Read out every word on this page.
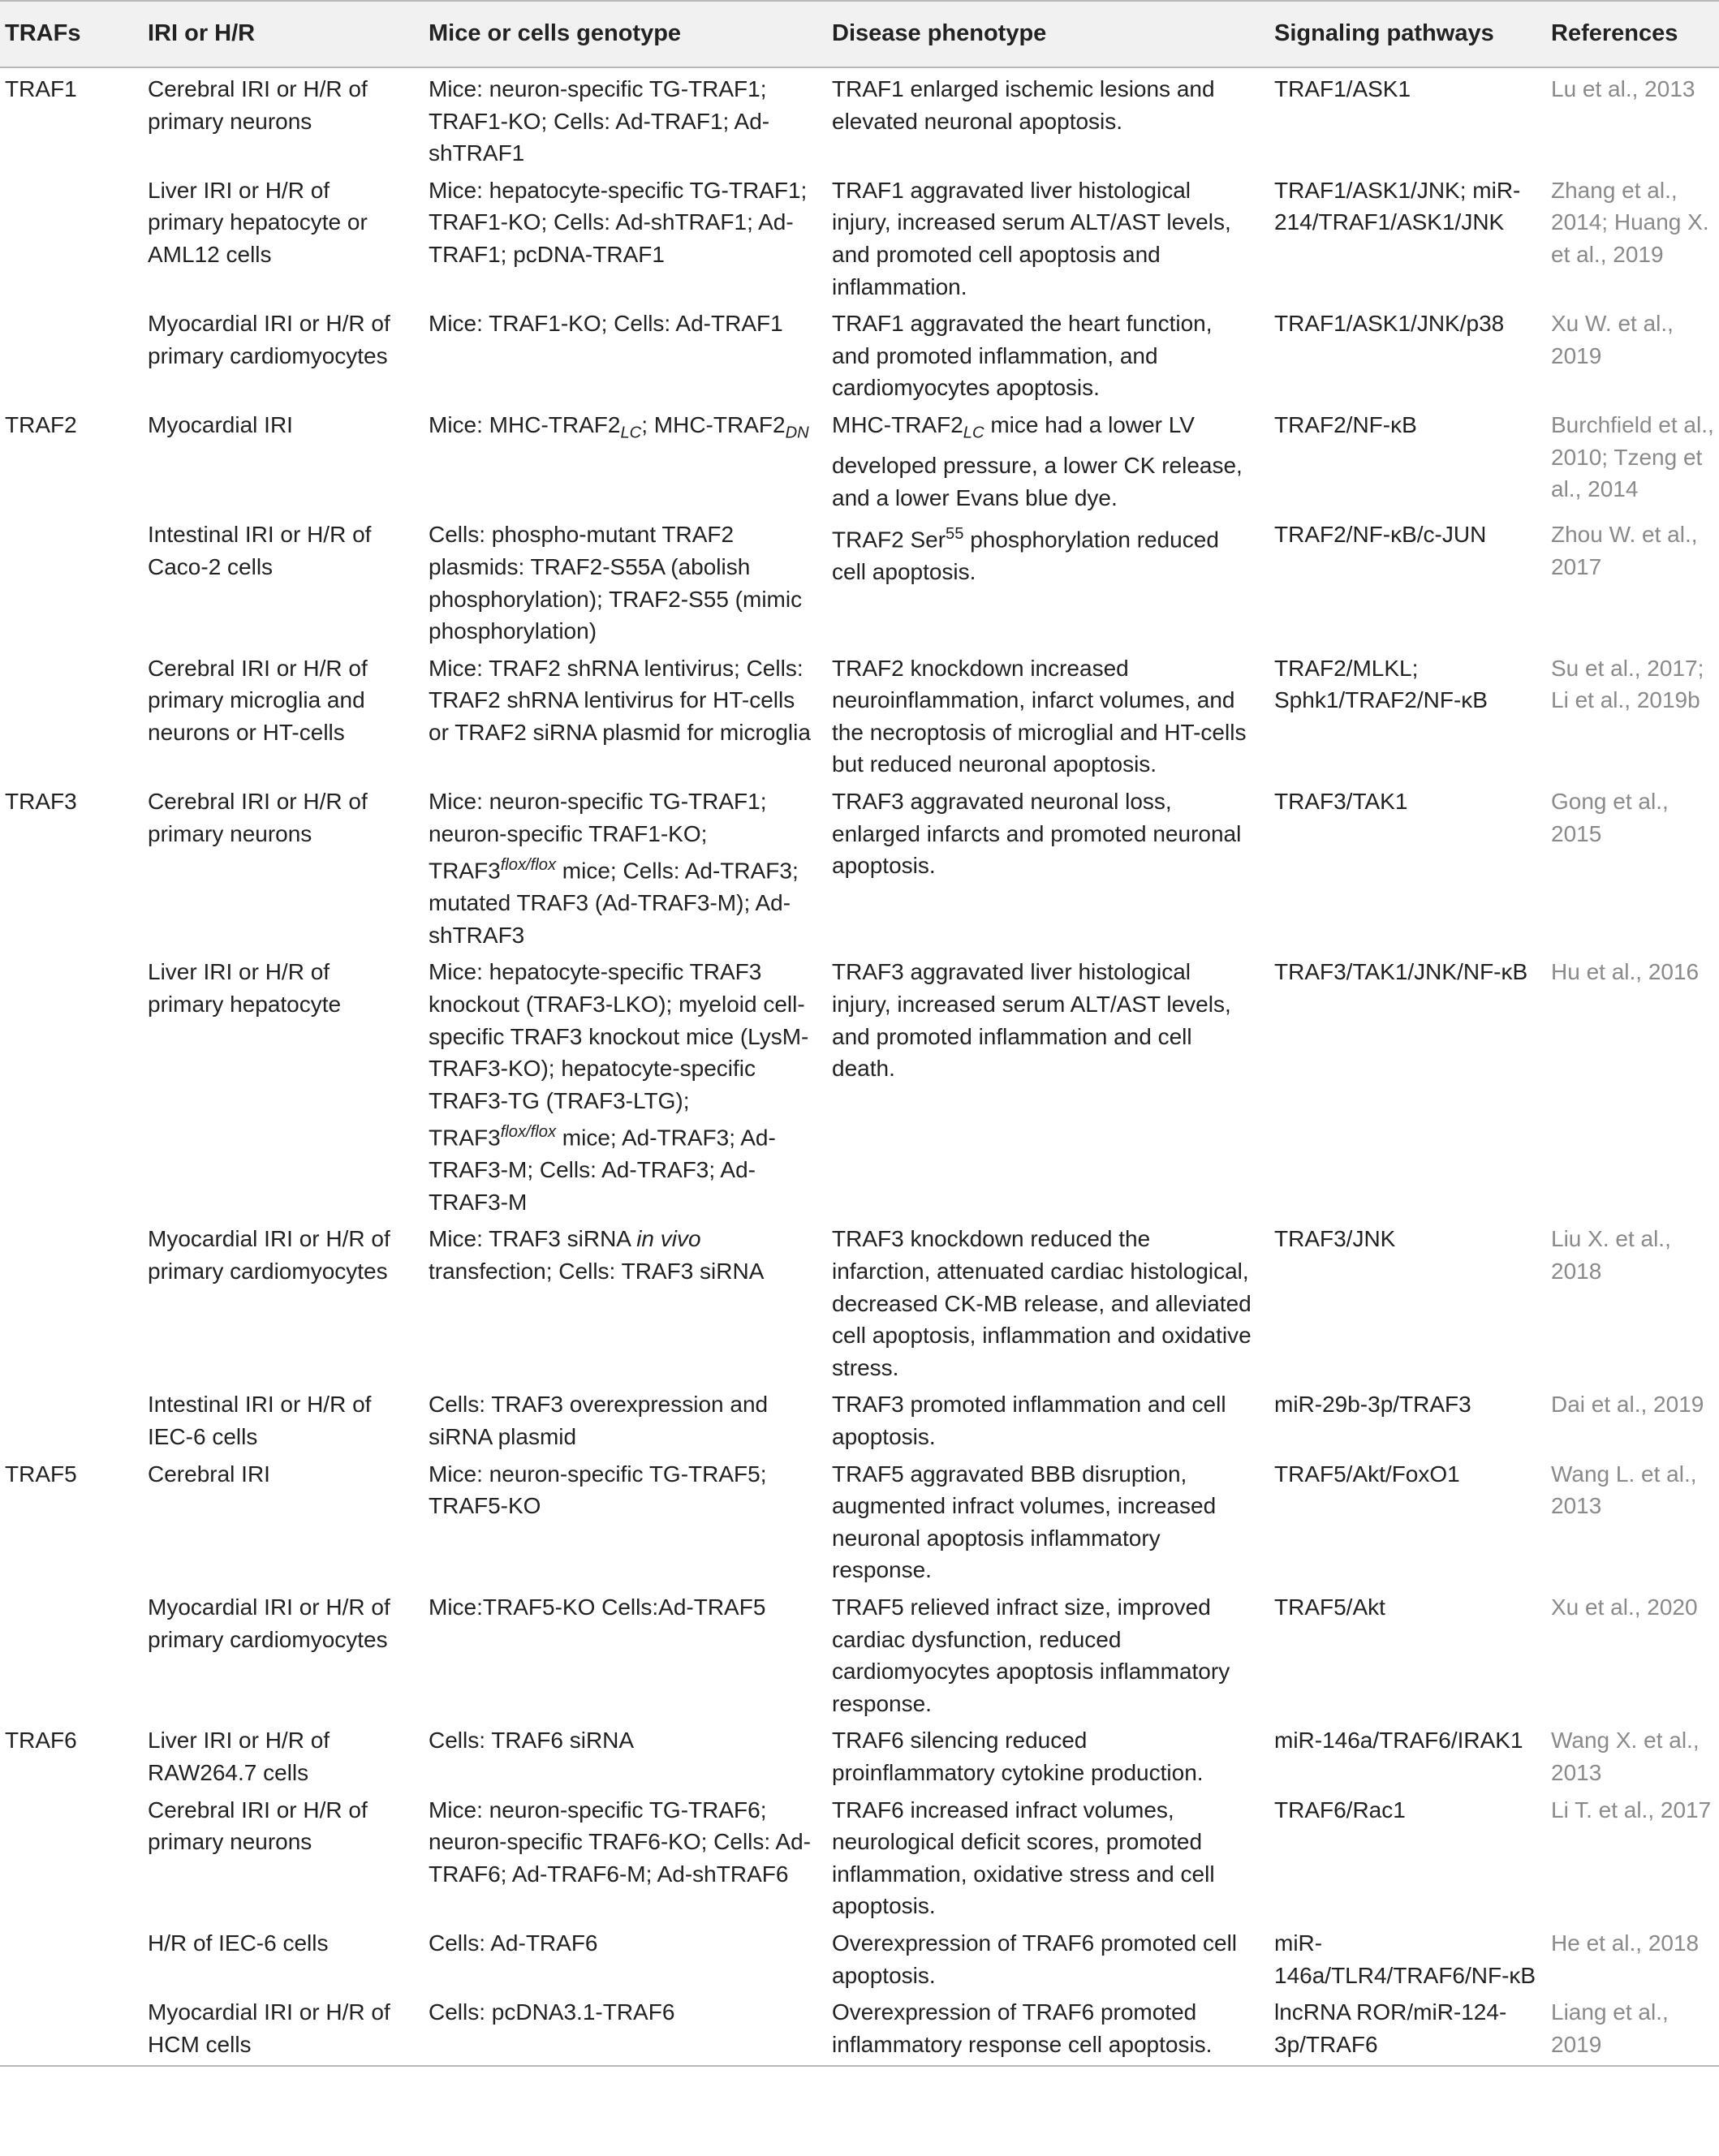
TRAFs	IRI or H/R	Mice or cells genotype	Disease phenotype	Signaling pathways	References
TRAF1	Cerebral IRI or H/R of primary neurons	Mice: neuron-specific TG-TRAF1; TRAF1-KO; Cells: Ad-TRAF1; Ad-shTRAF1	TRAF1 enlarged ischemic lesions and elevated neuronal apoptosis.	TRAF1/ASK1	Lu et al., 2013
	Liver IRI or H/R of primary hepatocyte or AML12 cells	Mice: hepatocyte-specific TG-TRAF1; TRAF1-KO; Cells: Ad-shTRAF1; Ad-TRAF1; pcDNA-TRAF1	TRAF1 aggravated liver histological injury, increased serum ALT/AST levels, and promoted cell apoptosis and inflammation.	TRAF1/ASK1/JNK; miR-214/TRAF1/ASK1/JNK	Zhang et al., 2014; Huang X. et al., 2019
	Myocardial IRI or H/R of primary cardiomyocytes	Mice: TRAF1-KO; Cells: Ad-TRAF1	TRAF1 aggravated the heart function, and promoted inflammation, and cardiomyocytes apoptosis.	TRAF1/ASK1/JNK/p38	Xu W. et al., 2019
TRAF2	Myocardial IRI	Mice: MHC-$TRAF2_{LC}$; MHC-$TRAF2_{DN}$	MHC-$TRAF2_{LC}$ mice had a lower LV developed pressure, a lower CK release, and a lower Evans blue dye.	TRAF2/NF-κB	Burchfield et al., 2010; Tzeng et al., 2014
	Intestinal IRI or H/R of Caco-2 cells	Cells: phospho-mutant TRAF2 plasmids: TRAF2-S55A (abolish phosphorylation); TRAF2-S55 (mimic phosphorylation)	TRAF2 Ser$^{55}$ phosphorylation reduced cell apoptosis.	TRAF2/NF-κB/c-JUN	Zhou W. et al., 2017
	Cerebral IRI or H/R of primary microglia and neurons or HT-cells	Mice: TRAF2 shRNA lentivirus; Cells: TRAF2 shRNA lentivirus for HT-cells or TRAF2 siRNA plasmid for microglia	TRAF2 knockdown increased neuroinflammation, infarct volumes, and the necroptosis of microglial and HT-cells but reduced neuronal apoptosis.	TRAF2/MLKL; Sphk1/TRAF2/NF-κB	Su et al., 2017; Li et al., 2019b
TRAF3	Cerebral IRI or H/R of primary neurons	Mice: neuron-specific TG-TRAF1; neuron-specific TRAF1-KO; $TRAF3^{flox/flox}$ mice; Cells: Ad-TRAF3; mutated TRAF3 (Ad-TRAF3-M); Ad-shTRAF3	TRAF3 aggravated neuronal loss, enlarged infarcts and promoted neuronal apoptosis.	TRAF3/TAK1	Gong et al., 2015
	Liver IRI or H/R of primary hepatocyte	Mice: hepatocyte-specific TRAF3 knockout (TRAF3-LKO); myeloid cell-specific TRAF3 knockout mice (LysM-TRAF3-KO); hepatocyte-specific TRAF3-TG (TRAF3-LTG); $TRAF3^{flox/flox}$ mice; Ad-TRAF3; Ad-TRAF3-M; Cells: Ad-TRAF3; Ad-TRAF3-M	TRAF3 aggravated liver histological injury, increased serum ALT/AST levels, and promoted inflammation and cell death.	TRAF3/TAK1/JNK/NF-κB	Hu et al., 2016
	Myocardial IRI or H/R of primary cardiomyocytes	Mice: TRAF3 siRNA in vivo transfection; Cells: TRAF3 siRNA	TRAF3 knockdown reduced the infarction, attenuated cardiac histological, decreased CK-MB release, and alleviated cell apoptosis, inflammation and oxidative stress.	TRAF3/JNK	Liu X. et al., 2018
	Intestinal IRI or H/R of IEC-6 cells	Cells: TRAF3 overexpression and siRNA plasmid	TRAF3 promoted inflammation and cell apoptosis.	miR-29b-3p/TRAF3	Dai et al., 2019
TRAF5	Cerebral IRI	Mice: neuron-specific TG-TRAF5; TRAF5-KO	TRAF5 aggravated BBB disruption, augmented infract volumes, increased neuronal apoptosis inflammatory response.	TRAF5/Akt/FoxO1	Wang L. et al., 2013
	Myocardial IRI or H/R of primary cardiomyocytes	Mice:TRAF5-KO Cells:Ad-TRAF5	TRAF5 relieved infract size, improved cardiac dysfunction, reduced cardiomyocytes apoptosis inflammatory response.	TRAF5/Akt	Xu et al., 2020
TRAF6	Liver IRI or H/R of RAW264.7 cells	Cells: TRAF6 siRNA	TRAF6 silencing reduced proinflammatory cytokine production.	miR-146a/TRAF6/IRAK1	Wang X. et al., 2013
	Cerebral IRI or H/R of primary neurons	Mice: neuron-specific TG-TRAF6; neuron-specific TRAF6-KO; Cells: Ad-TRAF6; Ad-TRAF6-M; Ad-shTRAF6	TRAF6 increased infract volumes, neurological deficit scores, promoted inflammation, oxidative stress and cell apoptosis.	TRAF6/Rac1	Li T. et al., 2017
	H/R of IEC-6 cells	Cells: Ad-TRAF6	Overexpression of TRAF6 promoted cell apoptosis.	miR-146a/TLR4/TRAF6/NF-κB	He et al., 2018
	Myocardial IRI or H/R of HCM cells	Cells: pcDNA3.1-TRAF6	Overexpression of TRAF6 promoted inflammatory response cell apoptosis.	lncRNA ROR/miR-124-3p/TRAF6	Liang et al., 2019
